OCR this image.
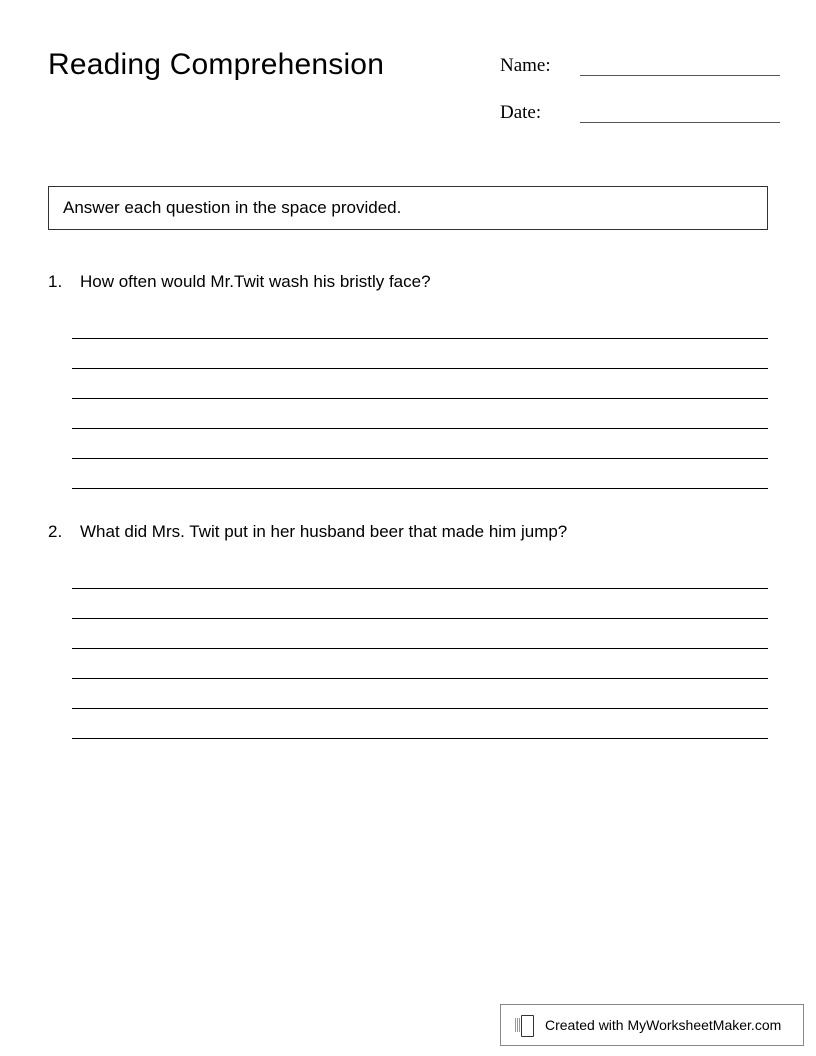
Reading Comprehension	Name:
Date:
Answer each question in the space provided.
1.	How often would Mr.Twit wash his bristly face?
2.	What did Mrs. Twit put in her husband beer that made him jump?
Created with MyWorksheetMaker.com
